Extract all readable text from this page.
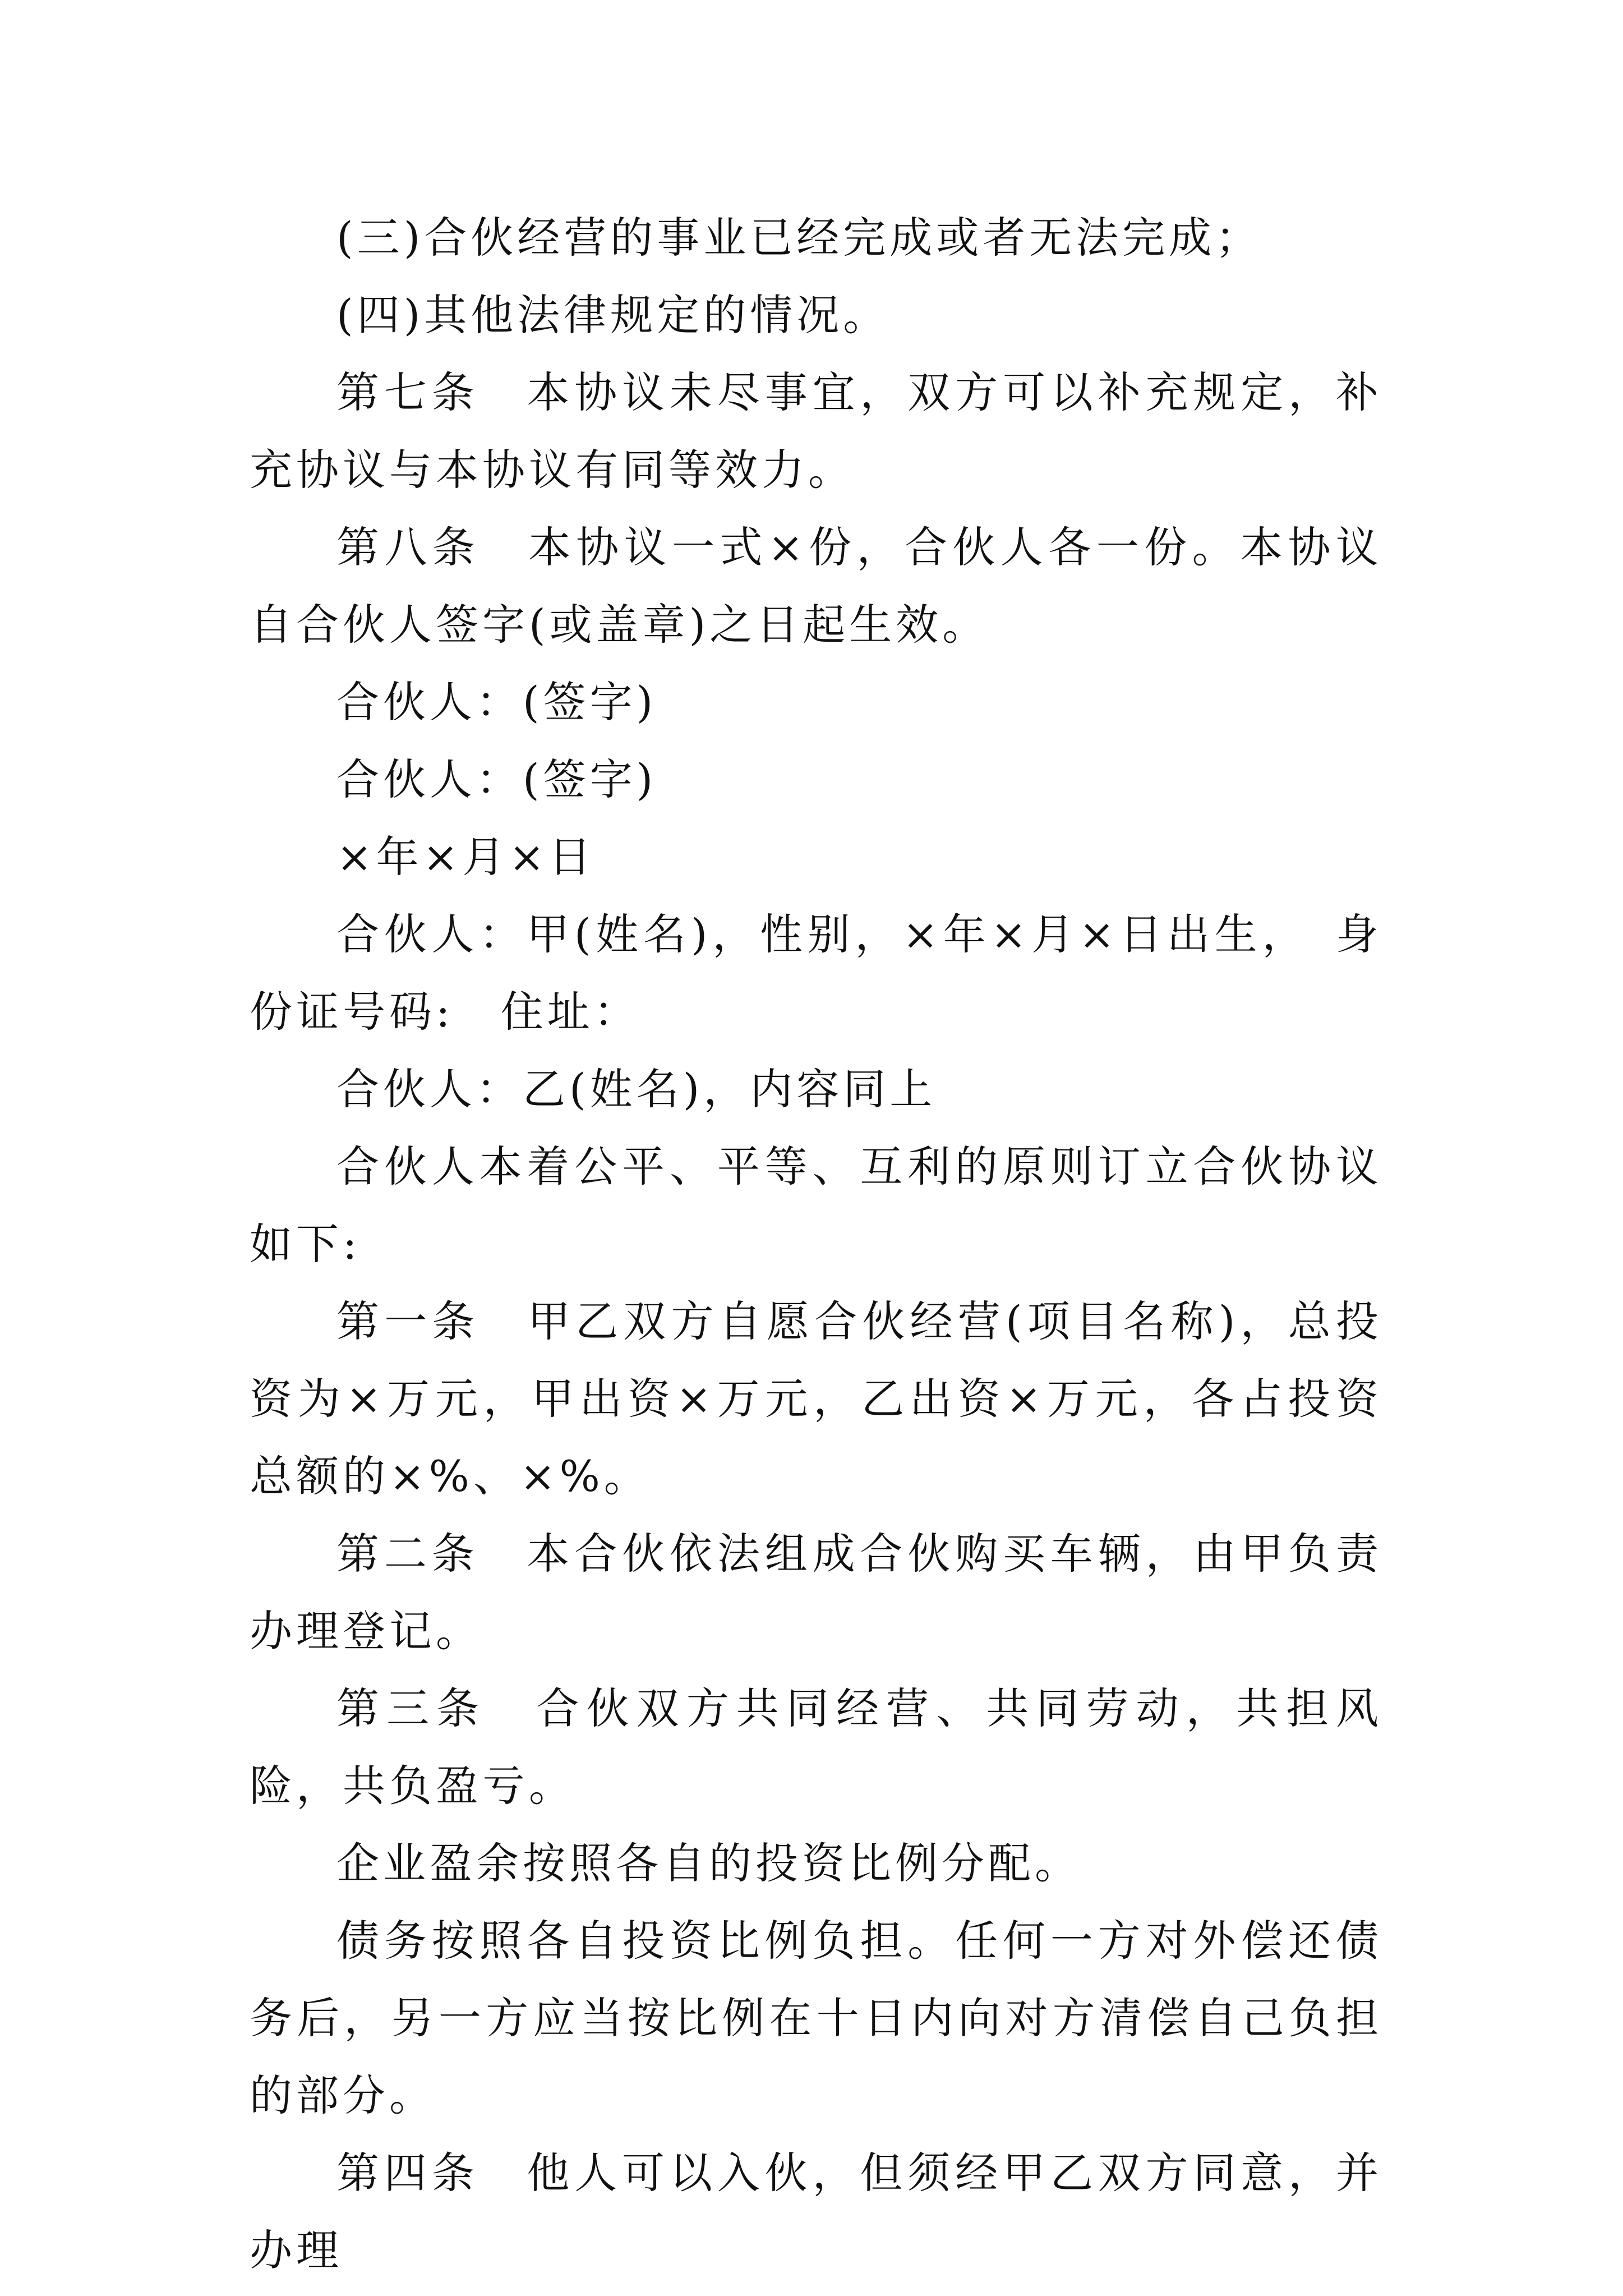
(三)合伙经营的事业已经完成或者无法完成；

(四)其他法律规定的情况。

第七条　本协议未尽事宜，双方可以补充规定，补充协议与本协议有同等效力。

第八条　本协议一式×份，合伙人各一份。本协议自合伙人签字(或盖章)之日起生效。

合伙人：(签字)

合伙人：(签字)

×年×月×日

合伙人：甲(姓名)，性别，×年×月×日出生，　身份证号码:　住址：

合伙人：乙(姓名)，内容同上

合伙人本着公平、平等、互利的原则订立合伙协议如下:

第一条　甲乙双方自愿合伙经营(项目名称)，总投资为×万元，甲出资×万元，乙出资×万元，各占投资总额的×%、×%。

第二条　本合伙依法组成合伙购买车辆，由甲负责办理登记。

第三条　合伙双方共同经营、共同劳动，共担风险，共负盈亏。

企业盈余按照各自的投资比例分配。

债务按照各自投资比例负担。任何一方对外偿还债务后，另一方应当按比例在十日内向对方清偿自己负担的部分。

第四条　他人可以入伙，但须经甲乙双方同意，并办理
